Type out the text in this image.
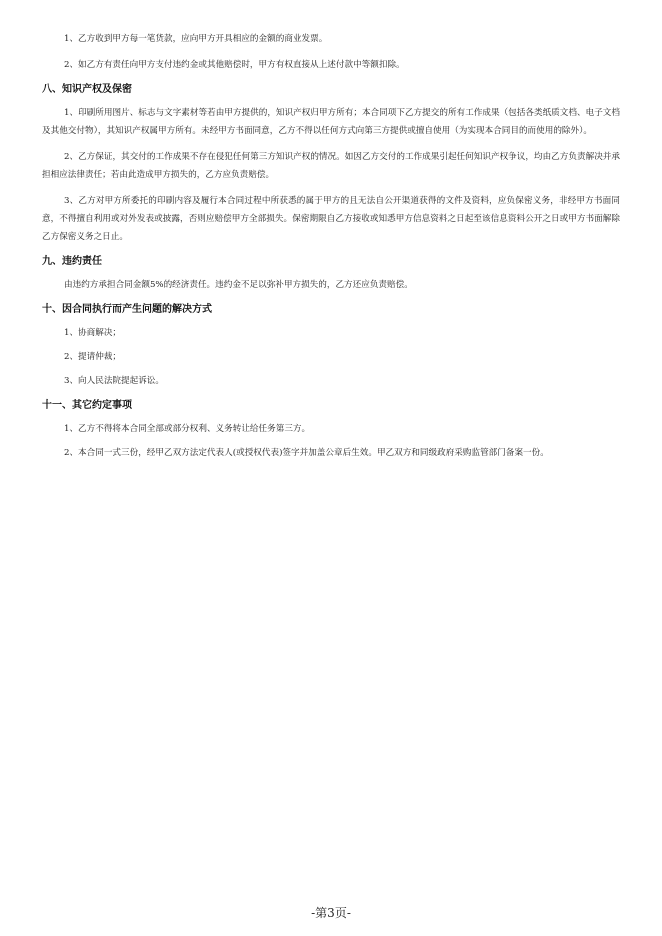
1、乙方收到甲方每一笔货款，应向甲方开具相应的金额的商业发票。

2、如乙方有责任向甲方支付违约金或其他赔偿时，甲方有权直接从上述付款中等额扣除。

八、知识产权及保密

1、印刷所用图片、标志与文字素材等若由甲方提供的，知识产权归甲方所有；本合同项下乙方提交的所有工作成果（包括各类纸质文档、电子文档及其他交付物），其知识产权属甲方所有。未经甲方书面同意，乙方不得以任何方式向第三方提供或擅自使用（为实现本合同目的而使用的除外）。

2、乙方保证，其交付的工作成果不存在侵犯任何第三方知识产权的情况。如因乙方交付的工作成果引起任何知识产权争议，均由乙方负责解决并承担相应法律责任；若由此造成甲方损失的，乙方应负责赔偿。

3、乙方对甲方所委托的印刷内容及履行本合同过程中所获悉的属于甲方的且无法自公开渠道获得的文件及资料，应负保密义务，非经甲方书面同意，不得擅自利用或对外发表或披露，否则应赔偿甲方全部损失。保密期限自乙方接收或知悉甲方信息资料之日起至该信息资料公开之日或甲方书面解除乙方保密义务之日止。

九、违约责任

由违约方承担合同金额5%的经济责任。违约金不足以弥补甲方损失的，乙方还应负责赔偿。

十、因合同执行而产生问题的解决方式

1、协商解决；

2、提请仲裁；

3、向人民法院提起诉讼。

十一、其它约定事项

1、乙方不得将本合同全部或部分权利、义务转让给任务第三方。

2、本合同一式三份，经甲乙双方法定代表人(或授权代表)签字并加盖公章后生效。甲乙双方和同级政府采购监管部门备案一份。

-第3页-
